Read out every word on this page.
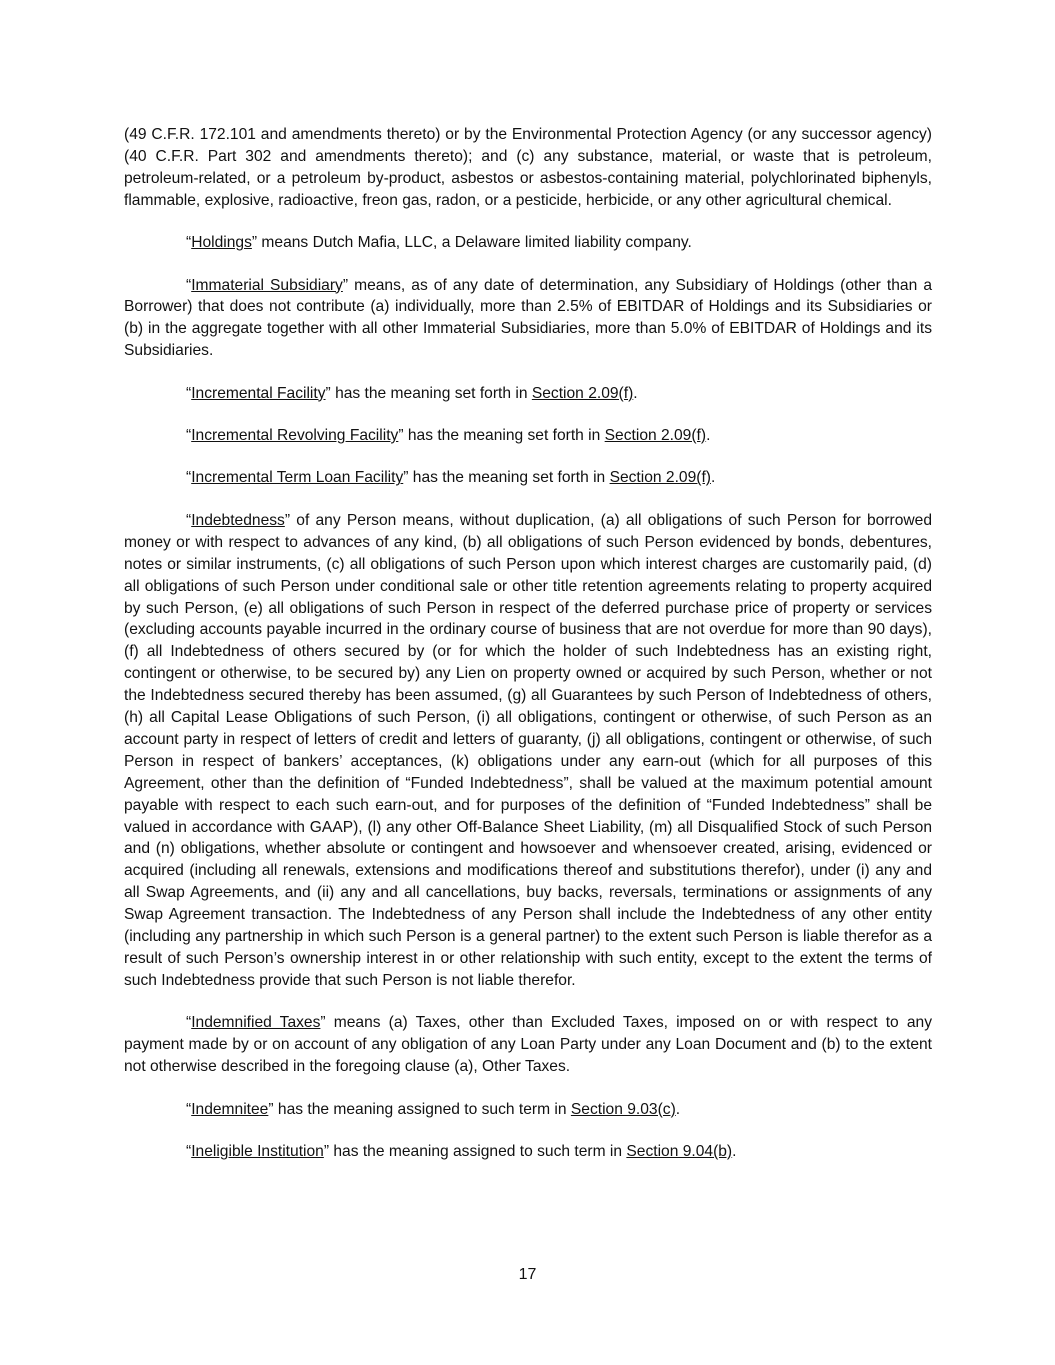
(49 C.F.R. 172.101 and amendments thereto) or by the Environmental Protection Agency (or any successor agency) (40 C.F.R. Part 302 and amendments thereto); and (c) any substance, material, or waste that is petroleum, petroleum-related, or a petroleum by-product, asbestos or asbestos-containing material, polychlorinated biphenyls, flammable, explosive, radioactive, freon gas, radon, or a pesticide, herbicide, or any other agricultural chemical.

“Holdings” means Dutch Mafia, LLC, a Delaware limited liability company.

“Immaterial Subsidiary” means, as of any date of determination, any Subsidiary of Holdings (other than a Borrower) that does not contribute (a) individually, more than 2.5% of EBITDAR of Holdings and its Subsidiaries or (b) in the aggregate together with all other Immaterial Subsidiaries, more than 5.0% of EBITDAR of Holdings and its Subsidiaries.

“Incremental Facility” has the meaning set forth in Section 2.09(f).

“Incremental Revolving Facility” has the meaning set forth in Section 2.09(f).

“Incremental Term Loan Facility” has the meaning set forth in Section 2.09(f).

“Indebtedness” of any Person means, without duplication, (a) all obligations of such Person for borrowed money or with respect to advances of any kind, (b) all obligations of such Person evidenced by bonds, debentures, notes or similar instruments, (c) all obligations of such Person upon which interest charges are customarily paid, (d) all obligations of such Person under conditional sale or other title retention agreements relating to property acquired by such Person, (e) all obligations of such Person in respect of the deferred purchase price of property or services (excluding accounts payable incurred in the ordinary course of business that are not overdue for more than 90 days), (f) all Indebtedness of others secured by (or for which the holder of such Indebtedness has an existing right, contingent or otherwise, to be secured by) any Lien on property owned or acquired by such Person, whether or not the Indebtedness secured thereby has been assumed, (g) all Guarantees by such Person of Indebtedness of others, (h) all Capital Lease Obligations of such Person, (i) all obligations, contingent or otherwise, of such Person as an account party in respect of letters of credit and letters of guaranty, (j) all obligations, contingent or otherwise, of such Person in respect of bankers’ acceptances, (k) obligations under any earn-out (which for all purposes of this Agreement, other than the definition of “Funded Indebtedness”, shall be valued at the maximum potential amount payable with respect to each such earn-out, and for purposes of the definition of “Funded Indebtedness” shall be valued in accordance with GAAP), (l) any other Off-Balance Sheet Liability, (m) all Disqualified Stock of such Person and (n) obligations, whether absolute or contingent and howsoever and whensoever created, arising, evidenced or acquired (including all renewals, extensions and modifications thereof and substitutions therefor), under (i) any and all Swap Agreements, and (ii) any and all cancellations, buy backs, reversals, terminations or assignments of any Swap Agreement transaction. The Indebtedness of any Person shall include the Indebtedness of any other entity (including any partnership in which such Person is a general partner) to the extent such Person is liable therefor as a result of such Person’s ownership interest in or other relationship with such entity, except to the extent the terms of such Indebtedness provide that such Person is not liable therefor.

“Indemnified Taxes” means (a) Taxes, other than Excluded Taxes, imposed on or with respect to any payment made by or on account of any obligation of any Loan Party under any Loan Document and (b) to the extent not otherwise described in the foregoing clause (a), Other Taxes.

“Indemnitee” has the meaning assigned to such term in Section 9.03(c).

“Ineligible Institution” has the meaning assigned to such term in Section 9.04(b).

17
